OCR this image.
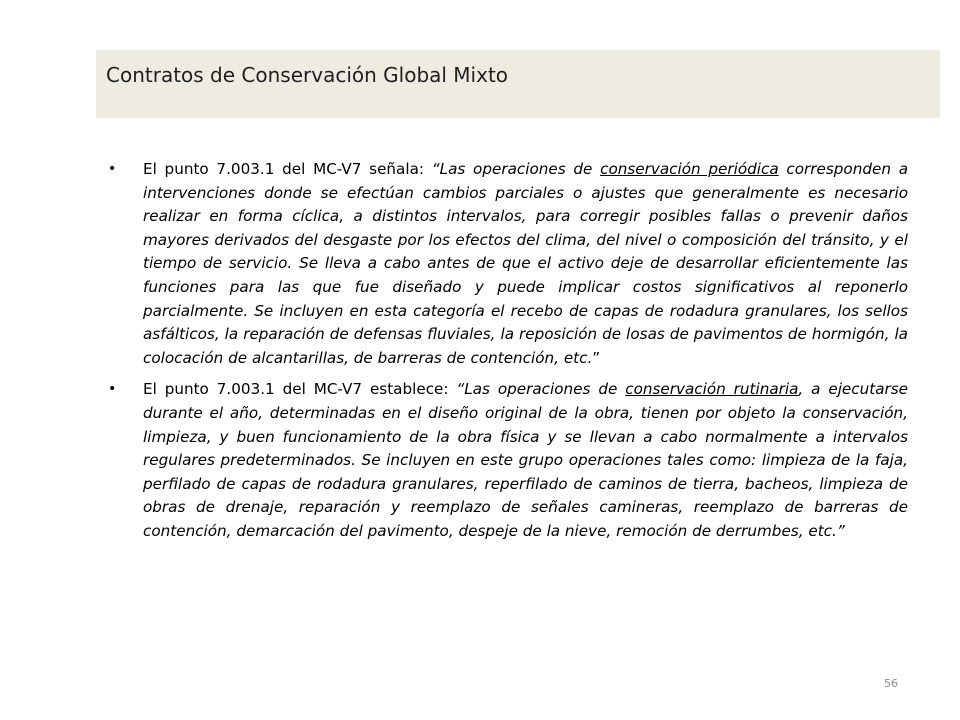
Contratos de Conservación Global Mixto
• El punto 7.003.1 del MC-V7 señala: “Las operaciones de conservación periódica corresponden a intervenciones donde se efectúan cambios parciales o ajustes que generalmente es necesario realizar en forma cíclica, a distintos intervalos, para corregir posibles fallas o prevenir daños mayores derivados del desgaste por los efectos del clima, del nivel o composición del tránsito, y el tiempo de servicio. Se lleva a cabo antes de que el activo deje de desarrollar eficientemente las funciones para las que fue diseñado y puede implicar costos significativos al reponerlo parcialmente. Se incluyen en esta categoría el recebo de capas de rodadura granulares, los sellos asfálticos, la reparación de defensas fluviales, la reposición de losas de pavimentos de hormigón, la colocación de alcantarillas, de barreras de contención, etc.”
• El punto 7.003.1 del MC-V7 establece: “Las operaciones de conservación rutinaria, a ejecutarse durante el año, determinadas en el diseño original de la obra, tienen por objeto la conservación, limpieza, y buen funcionamiento de la obra física y se llevan a cabo normalmente a intervalos regulares predeterminados. Se incluyen en este grupo operaciones tales como: limpieza de la faja, perfilado de capas de rodadura granulares, reperfilado de caminos de tierra, bacheos, limpieza de obras de drenaje, reparación y reemplazo de señales camineras, reemplazo de barreras de contención, demarcación del pavimento, despeje de la nieve, remoción de derrumbes, etc.”
56
